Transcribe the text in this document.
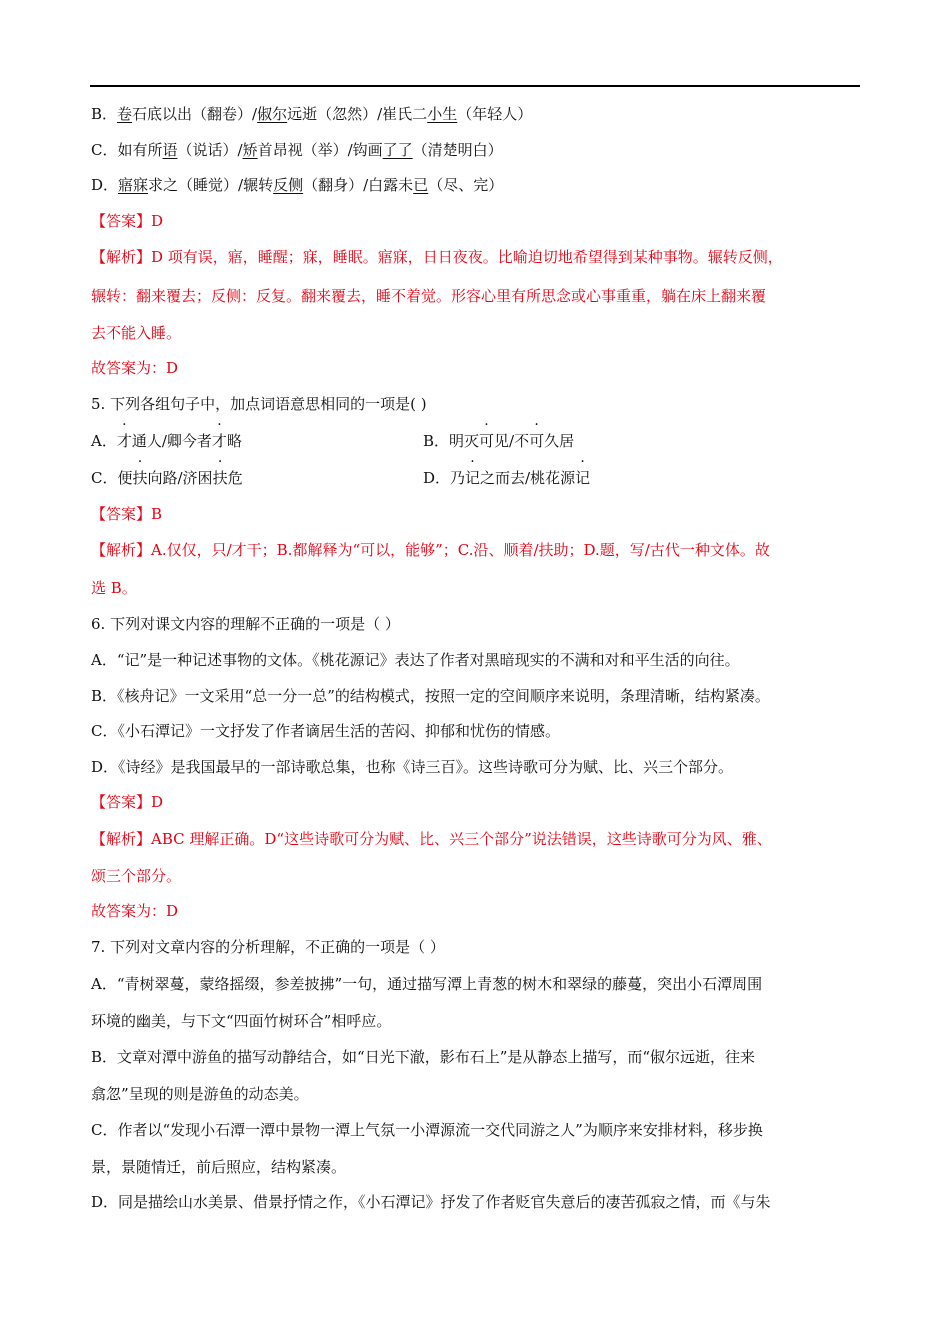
B．卷石底以出（翻卷）/俶尔远逝（忽然）/崔氏二小生（年轻人）
C．如有所语（说话）/矫首昂视（举）/钩画了了（清楚明白）
D．寤寐求之（睡觉）/辗转反侧（翻身）/白露未已（尽、完）
【答案】D
【解析】D 项有误，寤，睡醒；寐，睡眠。寤寐，日日夜夜。比喻迫切地希望得到某种事物。辗转反侧，
辗转：翻来覆去；反侧：反复。翻来覆去，睡不着觉。形容心里有所思念或心事重重，躺在床上翻来覆
去不能入睡。
故答案为：D
5. 下列各组句子中，加点词语意思相同的一项是( )
A．才通人/卿今者才略	B．明灭可见/不可久居
C．便扶向路/济困扶危	D．乃记之而去/桃花源记
【答案】B
【解析】A.仅仅，只/才干；B.都解释为“可以，能够”；C.沿、顺着/扶助；D.题，写/古代一种文体。故
选 B。
6. 下列对课文内容的理解不正确的一项是（ ）
A．“记”是一种记述事物的文体。《桃花源记》表达了作者对黑暗现实的不满和对和平生活的向往。
B．《核舟记》一文采用“总一分一总”的结构模式，按照一定的空间顺序来说明，条理清晰，结构紧凑。
C．《小石潭记》一文抒发了作者谪居生活的苦闷、抑郁和忧伤的情感。
D．《诗经》是我国最早的一部诗歌总集，也称《诗三百》。这些诗歌可分为赋、比、兴三个部分。
【答案】D
【解析】ABC 理解正确。D“这些诗歌可分为赋、比、兴三个部分”说法错误，这些诗歌可分为风、雅、
颂三个部分。
故答案为：D
7. 下列对文章内容的分析理解，不正确的一项是（ ）
A．“青树翠蔓，蒙络摇缀，参差披拂”一句，通过描写潭上青葱的树木和翠绿的藤蔓，突出小石潭周围
环境的幽美，与下文“四面竹树环合”相呼应。
B．文章对潭中游鱼的描写动静结合，如“日光下澈，影布石上”是从静态上描写，而“俶尔远逝，往来
翕忽”呈现的则是游鱼的动态美。
C．作者以“发现小石潭一潭中景物一潭上气氛一小潭源流一交代同游之人”为顺序来安排材料，移步换
景，景随情迁，前后照应，结构紧凑。
D．同是描绘山水美景、借景抒情之作，《小石潭记》抒发了作者贬官失意后的凄苦孤寂之情，而《与朱
